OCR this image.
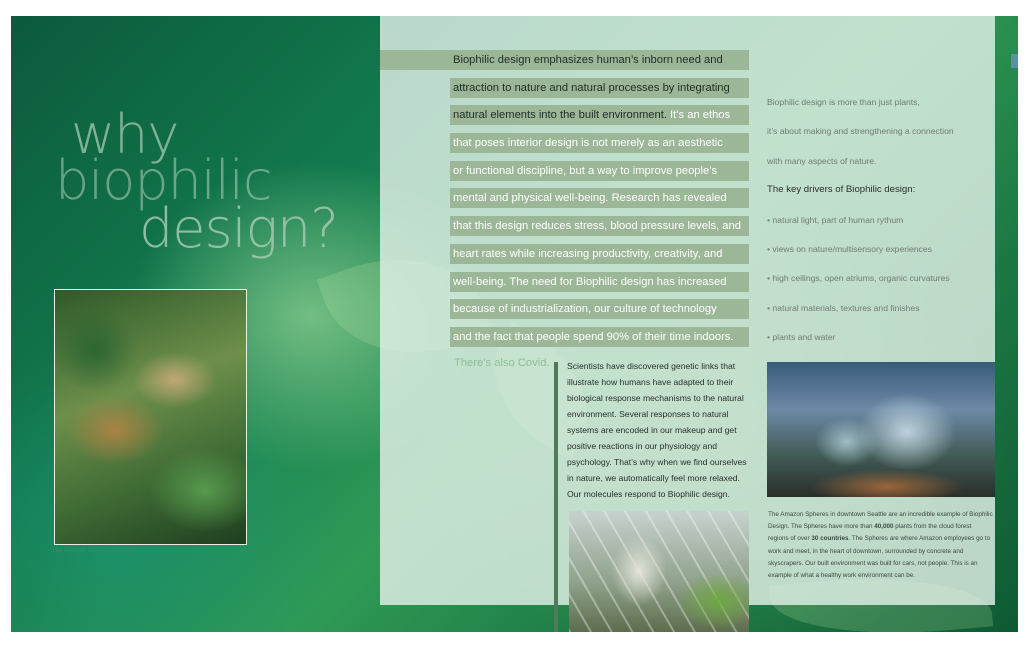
why

biophilic

design?

The Amazon Spheres in Seattle

Biophilic design emphasizes human’s inborn need and
attraction to nature and natural processes by integrating
natural elements into the built environment. It’s an ethos
that poses interior design is not merely as an aesthetic
or functional discipline, but a way to improve people’s
mental and physical well-being. Research has revealed
that this design reduces stress, blood pressure levels, and
heart rates while increasing productivity, creativity, and
well-being. The need for Biophilic design has increased
because of industrialization, our culture of technology
and the fact that people spend 90% of their time indoors.

There’s also Covid. Scientists have discovered genetic links that illustrate how humans have adapted to their biological response mechanisms to the natural environment. Several responses to natural systems are encoded in our makeup and get positive reactions in our physiology and psychology. That’s why when we find ourselves in nature, we automatically feel more relaxed. Our molecules respond to Biophilic design.

Biophilic design is more than just plants,
it’s about making and strengthening a connection
with many aspects of nature.
The key drivers of Biophilic design:
• natural light, part of human rythum
• views on nature/multisensory experiences
• high ceilings, open atriums, organic curvatures
• natural materials, textures and finishes
• plants and water

The Amazon Spheres in downtown Seattle are an incredible example of Biophilic Design. The Spheres have more than 40,000 plants from the cloud forest regions of over 30 countries. The Spheres are where Amazon employees go to work and meet, in the heart of downtown, surrounded by concrete and skyscrapers. Our built environment was built for cars, not people. This is an example of what a healthy work environment can be.
